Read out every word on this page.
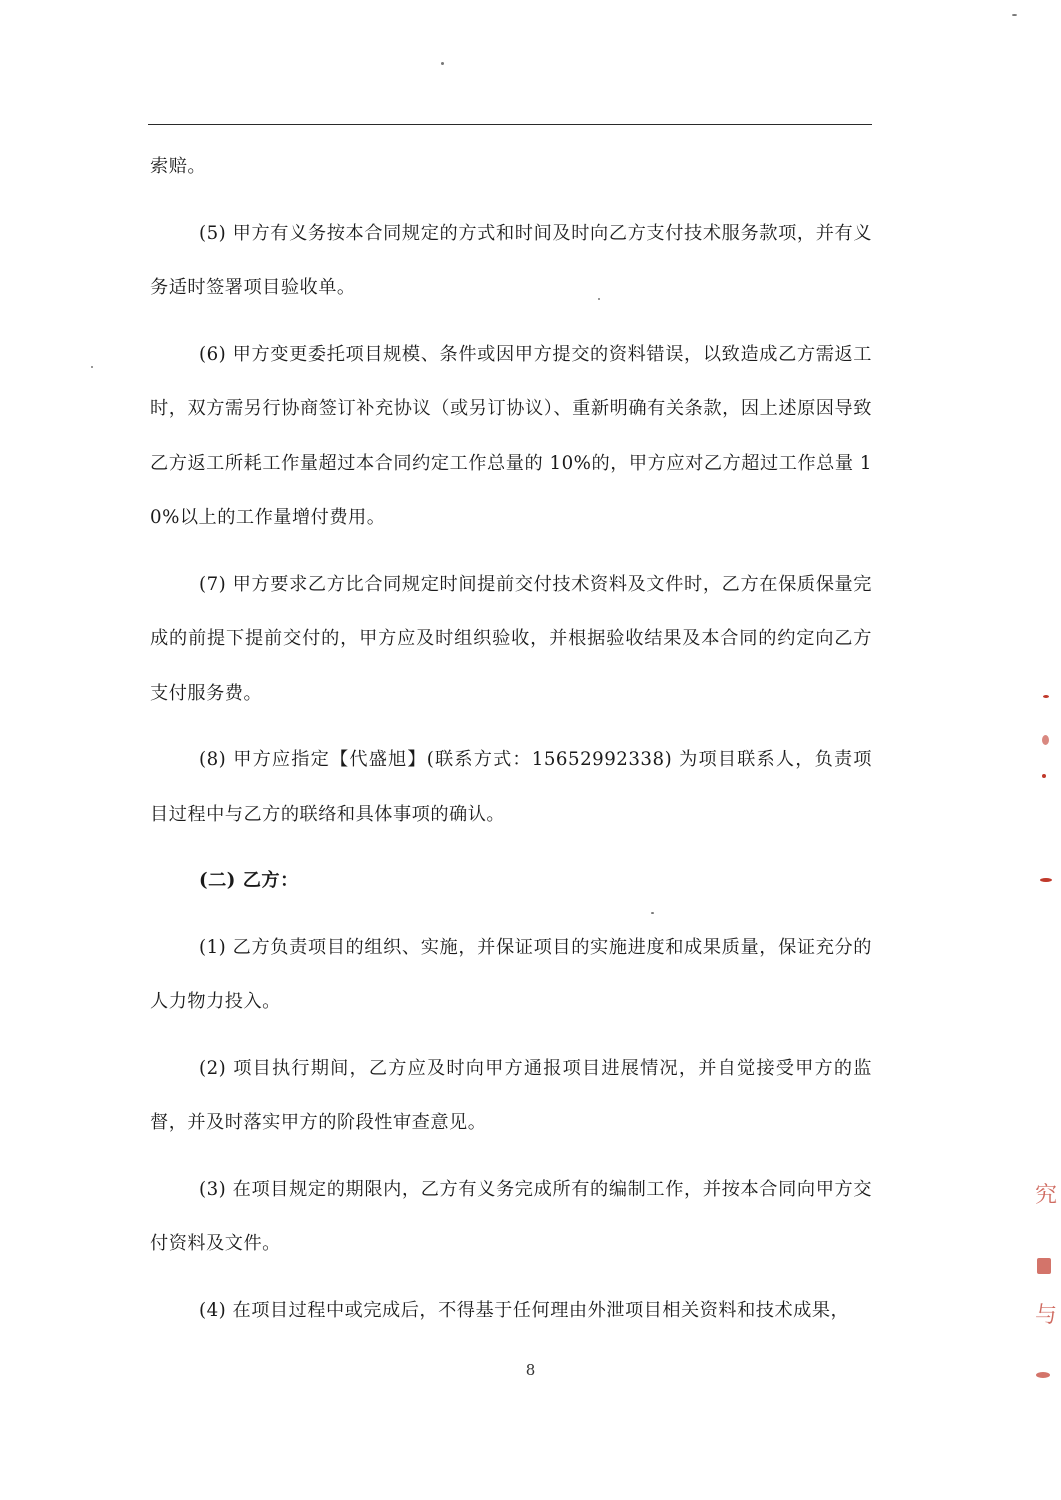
索赔。

(5) 甲方有义务按本合同规定的方式和时间及时向乙方支付技术服务款项，并有义务适时签署项目验收单。

(6) 甲方变更委托项目规模、条件或因甲方提交的资料错误，以致造成乙方需返工时，双方需另行协商签订补充协议（或另订协议）、重新明确有关条款，因上述原因导致乙方返工所耗工作量超过本合同约定工作总量的 10%的，甲方应对乙方超过工作总量 10%以上的工作量增付费用。

(7) 甲方要求乙方比合同规定时间提前交付技术资料及文件时，乙方在保质保量完成的前提下提前交付的，甲方应及时组织验收，并根据验收结果及本合同的约定向乙方支付服务费。

(8) 甲方应指定【代盛旭】(联系方式：15652992338) 为项目联系人，负责项目过程中与乙方的联络和具体事项的确认。

(二) 乙方：

(1) 乙方负责项目的组织、实施，并保证项目的实施进度和成果质量，保证充分的人力物力投入。

(2) 项目执行期间，乙方应及时向甲方通报项目进展情况，并自觉接受甲方的监督，并及时落实甲方的阶段性审查意见。

(3) 在项目规定的期限内，乙方有义务完成所有的编制工作，并按本合同向甲方交付资料及文件。

(4) 在项目过程中或完成后，不得基于任何理由外泄项目相关资料和技术成果，

8
究
与
